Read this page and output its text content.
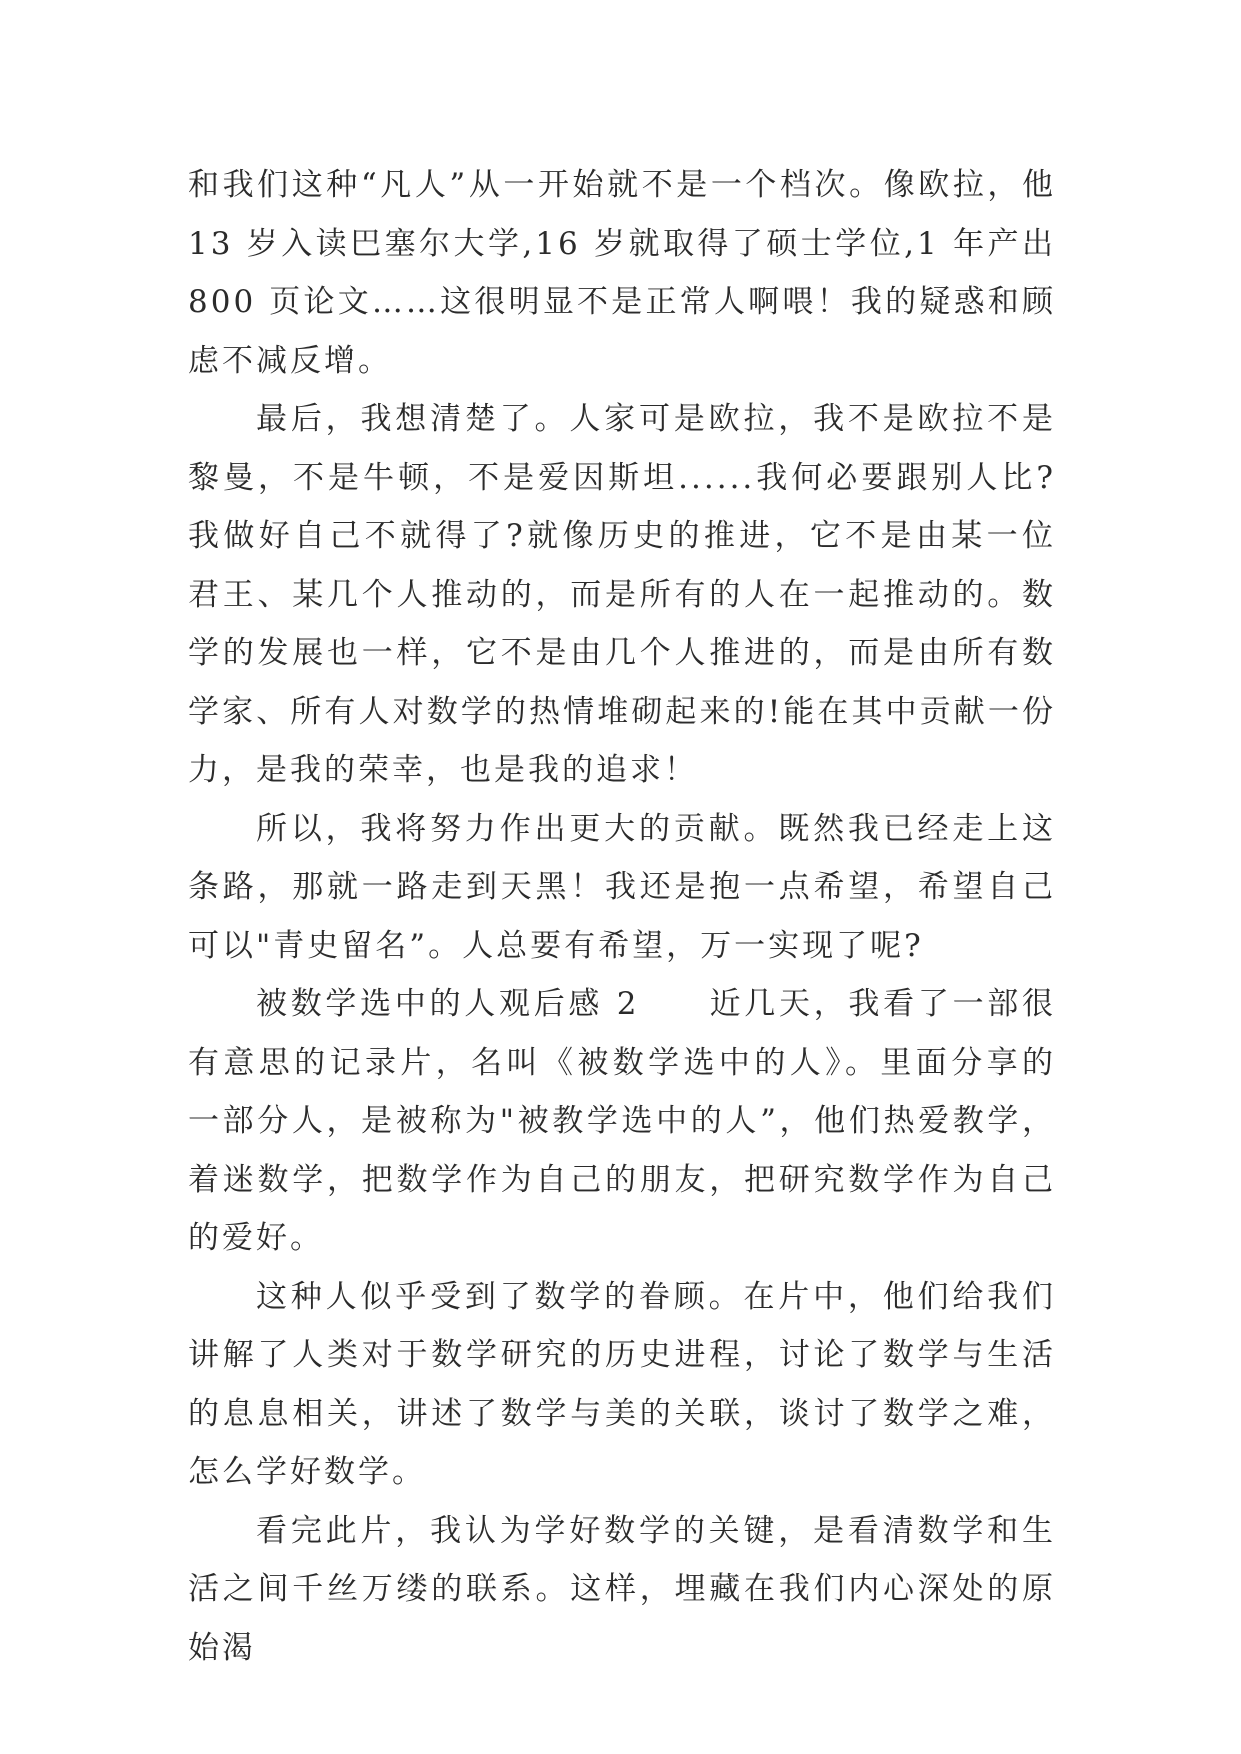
和我们这种“凡人”从一开始就不是一个档次。像欧拉，他 13 岁入读巴塞尔大学,16 岁就取得了硕士学位,1 年产出 800 页论文……这很明显不是正常人啊喂！我的疑惑和顾虑不减反增。

最后，我想清楚了。人家可是欧拉，我不是欧拉不是黎曼，不是牛顿，不是爱因斯坦......我何必要跟别人比?我做好自己不就得了?就像历史的推进，它不是由某一位君王、某几个人推动的，而是所有的人在一起推动的。数学的发展也一样，它不是由几个人推进的，而是由所有数学家、所有人对数学的热情堆砌起来的!能在其中贡献一份力，是我的荣幸，也是我的追求！

所以，我将努力作出更大的贡献。既然我已经走上这条路，那就一路走到天黑！我还是抱一点希望，希望自己可以"青史留名”。人总要有希望，万一实现了呢?

被数学选中的人观后感 2　　近几天，我看了一部很有意思的记录片，名叫《被数学选中的人》。里面分享的一部分人，是被称为"被教学选中的人”，他们热爱教学，着迷数学，把数学作为自己的朋友，把研究数学作为自己的爱好。

这种人似乎受到了数学的眷顾。在片中，他们给我们讲解了人类对于数学研究的历史进程，讨论了数学与生活的息息相关，讲述了数学与美的关联，谈讨了数学之难，怎么学好数学。

看完此片，我认为学好数学的关键，是看清数学和生活之间千丝万缕的联系。这样，埋藏在我们内心深处的原始渴
